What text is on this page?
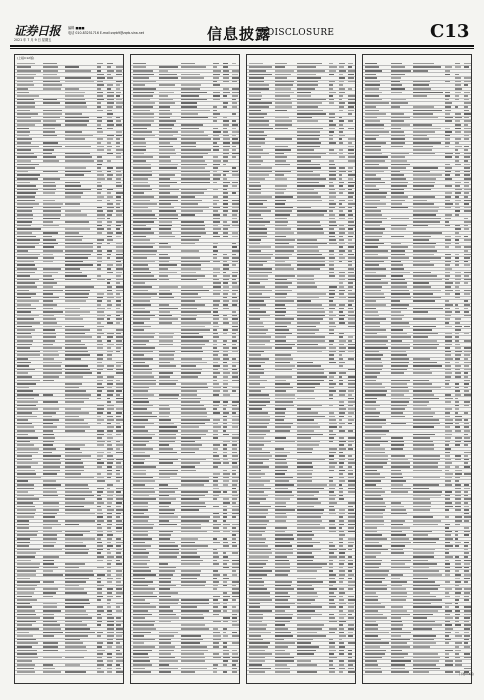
证券日报
2021 年 7 月 9 日 星期五
编辑 ■■■
电话 010-83251716 E-mail:zqrb9@zqrb.sina.net	信息披露
DISCLOSURE	C13
(上接C12版)
(下转C14版)
